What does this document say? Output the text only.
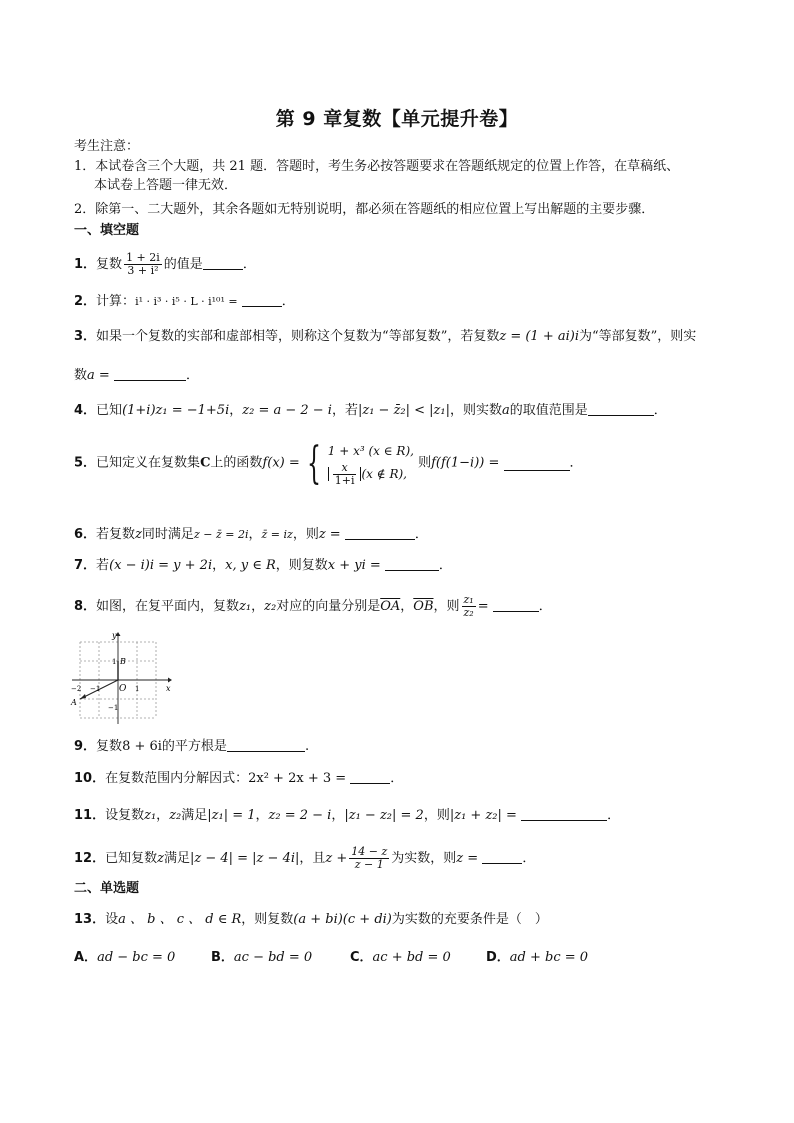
第 9 章复数【单元提升卷】
考生注意：
1．本试卷含三个大题，共 21 题．答题时，考生务必按答题要求在答题纸规定的位置上作答，在草稿纸、
本试卷上答题一律无效．
2．除第一、二大题外，其余各题如无特别说明，都必须在答题纸的相应位置上写出解题的主要步骤．
一、填空题
1．复数 $\frac{1 + 2i}{\text{3 + i²}}$ 的值是	．
2．计算：i¹ · i³ · i⁵ · L · i¹⁰¹ =	．
3．如果一个复数的实部和虚部相等，则称这个复数为“等部复数”，若复数z = (1 + ai)i为“等部复数”，则实
数a =	．
4．已知(1+i)z₁ = −1+5i，z₂ = a − 2 − i，若|z₁ − z̄₂| < |z₁|，则实数a的取值范围是	．
5．已知定义在复数集C上的函数f(x) = { 1 + x³ (x ∈ R),
$\frac{x}{1+i} (x$ ∉ R),
则f(f(1−i)) =	．
6．若复数z同时满足z − z̄ = 2i，z̄ = iz，则z =	．
7．若(x − i)i = y + 2i，x, y ∈ R，则复数x + yi =	．
8．如图，在复平面内，复数z₁，z₂对应的向量分别是$\overline{OA}$，$\overline{OB}$，则 $\frac{\text{z₁}}{\text{z₂}}$ =	．
y
x
O
A
B
−2 −1	1
1
−1
9．复数8 + 6i的平方根是	.
10．在复数范围内分解因式：2x² + 2x + 3 =	．
11．设复数z₁，z₂满足|z₁| = 1，z₂ = 2 − i，|z₁ − z₂| = 2，则|z₁ + z₂| =	．
12．已知复数z满足|z − 4| = |z − 4i|，且$z + \frac{14 - z}{z - 1}$ 为实数，则z =	．
二、单选题
13．设a 、 b 、 c 、 d ∈ R，则复数(a + bi)(c + di)为实数的充要条件是（　）
A．ad − bc = 0	B．ac − bd = 0	C．ac + bd = 0	D．ad + bc = 0
